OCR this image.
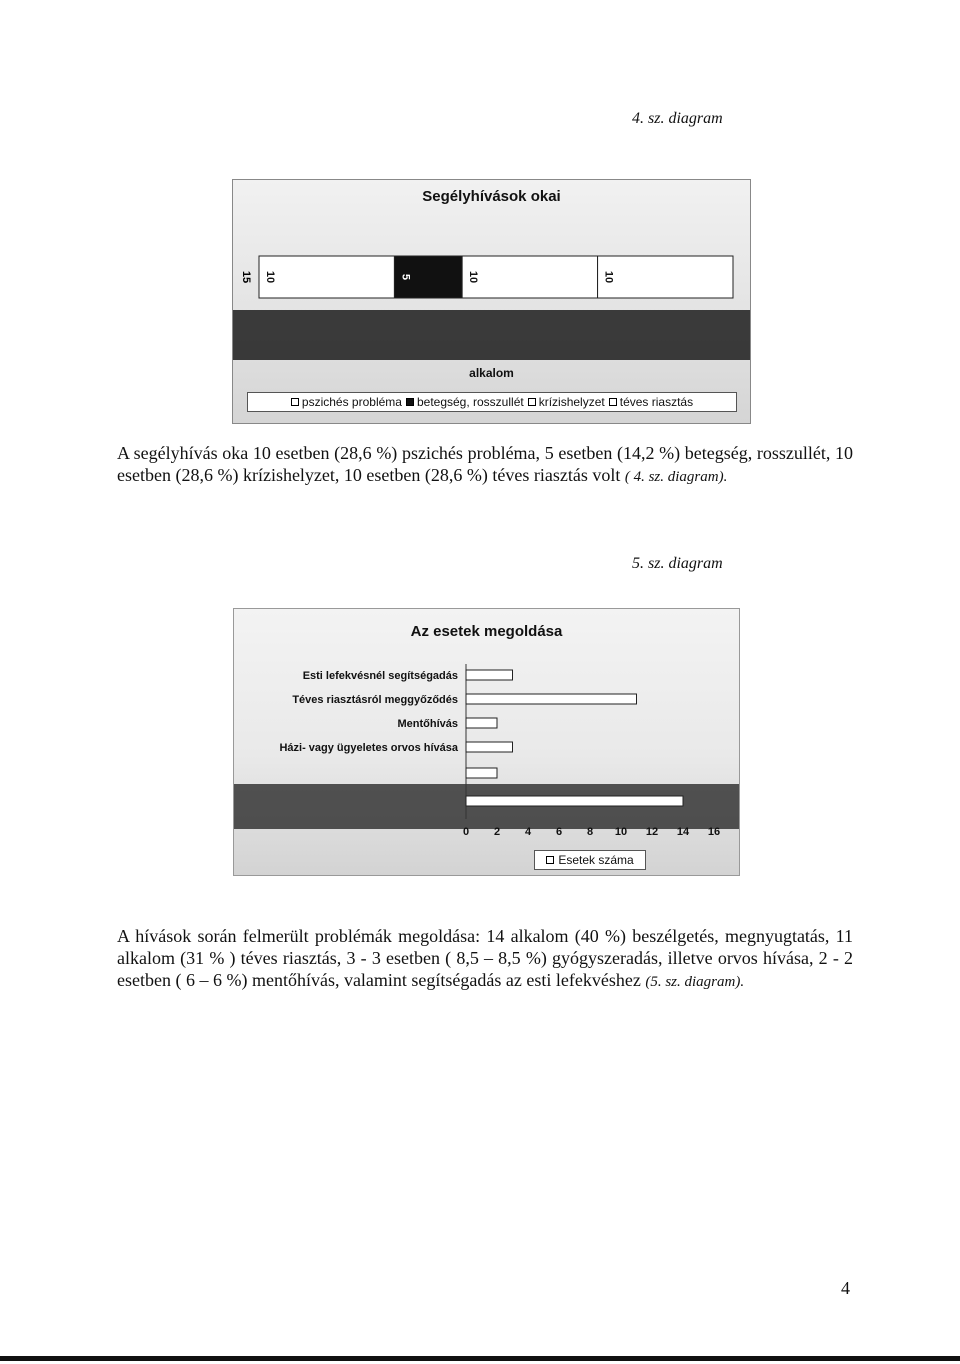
4. sz. diagram
10	5	10	10
15
Segélyhívások okai
alkalom
pszichés probléma betegség, rosszullét krízishelyzet téves riasztás
A segélyhívás oka 10 esetben (28,6 %) pszichés probléma, 5 esetben (14,2 %) betegség, rosszullét, 10 esetben (28,6 %) krízishelyzet, 10 esetben (28,6 %) téves riasztás volt ( 4. sz. diagram).
5. sz. diagram
Esti lefekvésnél segítségadás
Téves riasztásról meggyőződés
Mentőhívás
Házi- vagy ügyeletes orvos hívása
0 2 4 6 8 10 12 14 16
Az esetek megoldása
Esetek száma
A hívások során felmerült problémák megoldása: 14 alkalom (40 %) beszélgetés, megnyugtatás, 11 alkalom (31 % ) téves riasztás, 3 - 3 esetben ( 8,5 – 8,5 %) gyógyszeradás, illetve orvos hívása, 2 - 2 esetben ( 6 – 6 %) mentőhívás, valamint segítségadás az esti lefekvéshez (5. sz. diagram).
4
